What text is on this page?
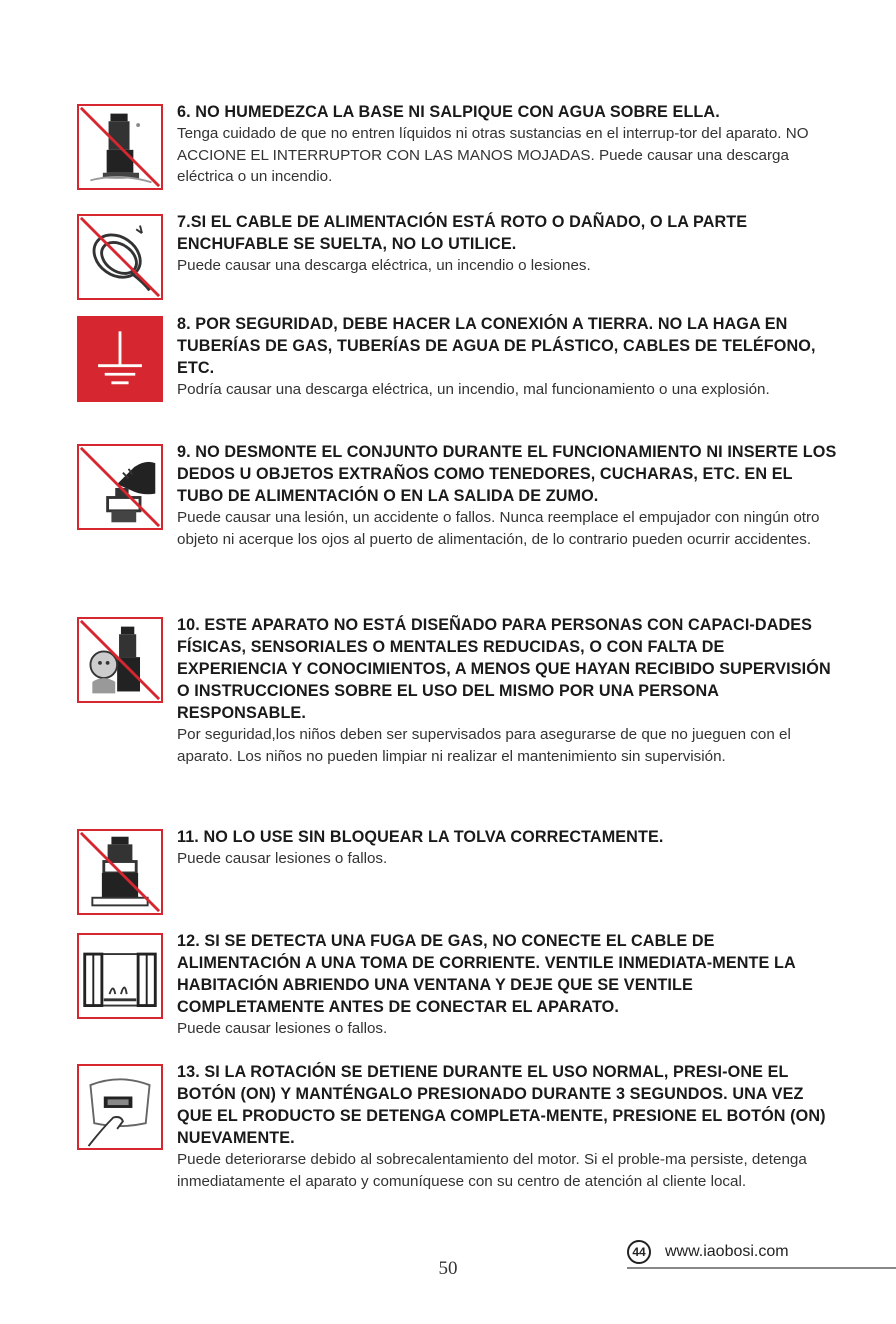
6. NO HUMEDEZCA LA BASE NI SALPIQUE CON AGUA SOBRE ELLA.

Tenga cuidado de que no entren líquidos ni otras sustancias en el interrup-tor del aparato. NO ACCIONE EL INTERRUPTOR CON LAS MANOS MOJADAS. Puede causar una descarga eléctrica o un incendio.

7.SI EL CABLE DE ALIMENTACIÓN ESTÁ ROTO O DAÑADO, O LA PARTE ENCHUFABLE SE SUELTA, NO LO UTILICE.

Puede causar una descarga eléctrica, un incendio o lesiones.

8. POR SEGURIDAD, DEBE HACER LA CONEXIÓN A TIERRA. NO LA HAGA EN TUBERÍAS DE GAS, TUBERÍAS DE AGUA DE PLÁSTICO, CABLES DE TELÉFONO, ETC.

Podría causar una descarga eléctrica, un incendio, mal funcionamiento o una explosión.

9. NO DESMONTE EL CONJUNTO DURANTE EL FUNCIONAMIENTO NI INSERTE LOS DEDOS U OBJETOS EXTRAÑOS COMO TENEDORES, CUCHARAS, ETC. EN EL TUBO DE ALIMENTACIÓN O EN LA SALIDA DE ZUMO.

Puede causar una lesión, un accidente o fallos. Nunca reemplace el empujador con ningún otro objeto ni acerque los ojos al puerto de alimentación, de lo contrario pueden ocurrir accidentes.

10. ESTE APARATO NO ESTÁ DISEÑADO PARA PERSONAS CON CAPACI-DADES FÍSICAS, SENSORIALES O MENTALES REDUCIDAS, O CON FALTA DE EXPERIENCIA Y CONOCIMIENTOS, A MENOS QUE HAYAN RECIBIDO SUPERVISIÓN O INSTRUCCIONES SOBRE EL USO DEL MISMO POR UNA PERSONA RESPONSABLE.

Por seguridad,los niños deben ser supervisados para asegurarse de que no jueguen con el aparato. Los niños no pueden limpiar ni realizar el mantenimiento sin supervisión.

11. NO LO USE SIN BLOQUEAR LA TOLVA CORRECTAMENTE.

Puede causar lesiones o fallos.

12. SI SE DETECTA UNA FUGA DE GAS, NO CONECTE EL CABLE DE ALIMENTACIÓN A UNA TOMA DE CORRIENTE. VENTILE INMEDIATA-MENTE LA HABITACIÓN ABRIENDO UNA VENTANA Y DEJE QUE SE VENTILE COMPLETAMENTE ANTES DE CONECTAR EL APARATO.

Puede causar lesiones o fallos.

13. SI LA ROTACIÓN SE DETIENE DURANTE EL USO NORMAL, PRESI-ONE EL BOTÓN (ON) Y MANTÉNGALO PRESIONADO DURANTE 3 SEGUNDOS. UNA VEZ QUE EL PRODUCTO SE DETENGA COMPLETA-MENTE, PRESIONE EL BOTÓN (ON) NUEVAMENTE.

Puede deteriorarse debido al sobrecalentamiento del motor. Si el proble-ma persiste, detenga inmediatamente el aparato y comuníquese con su centro de atención al cliente local.

50
44	www.iaobosi.com
